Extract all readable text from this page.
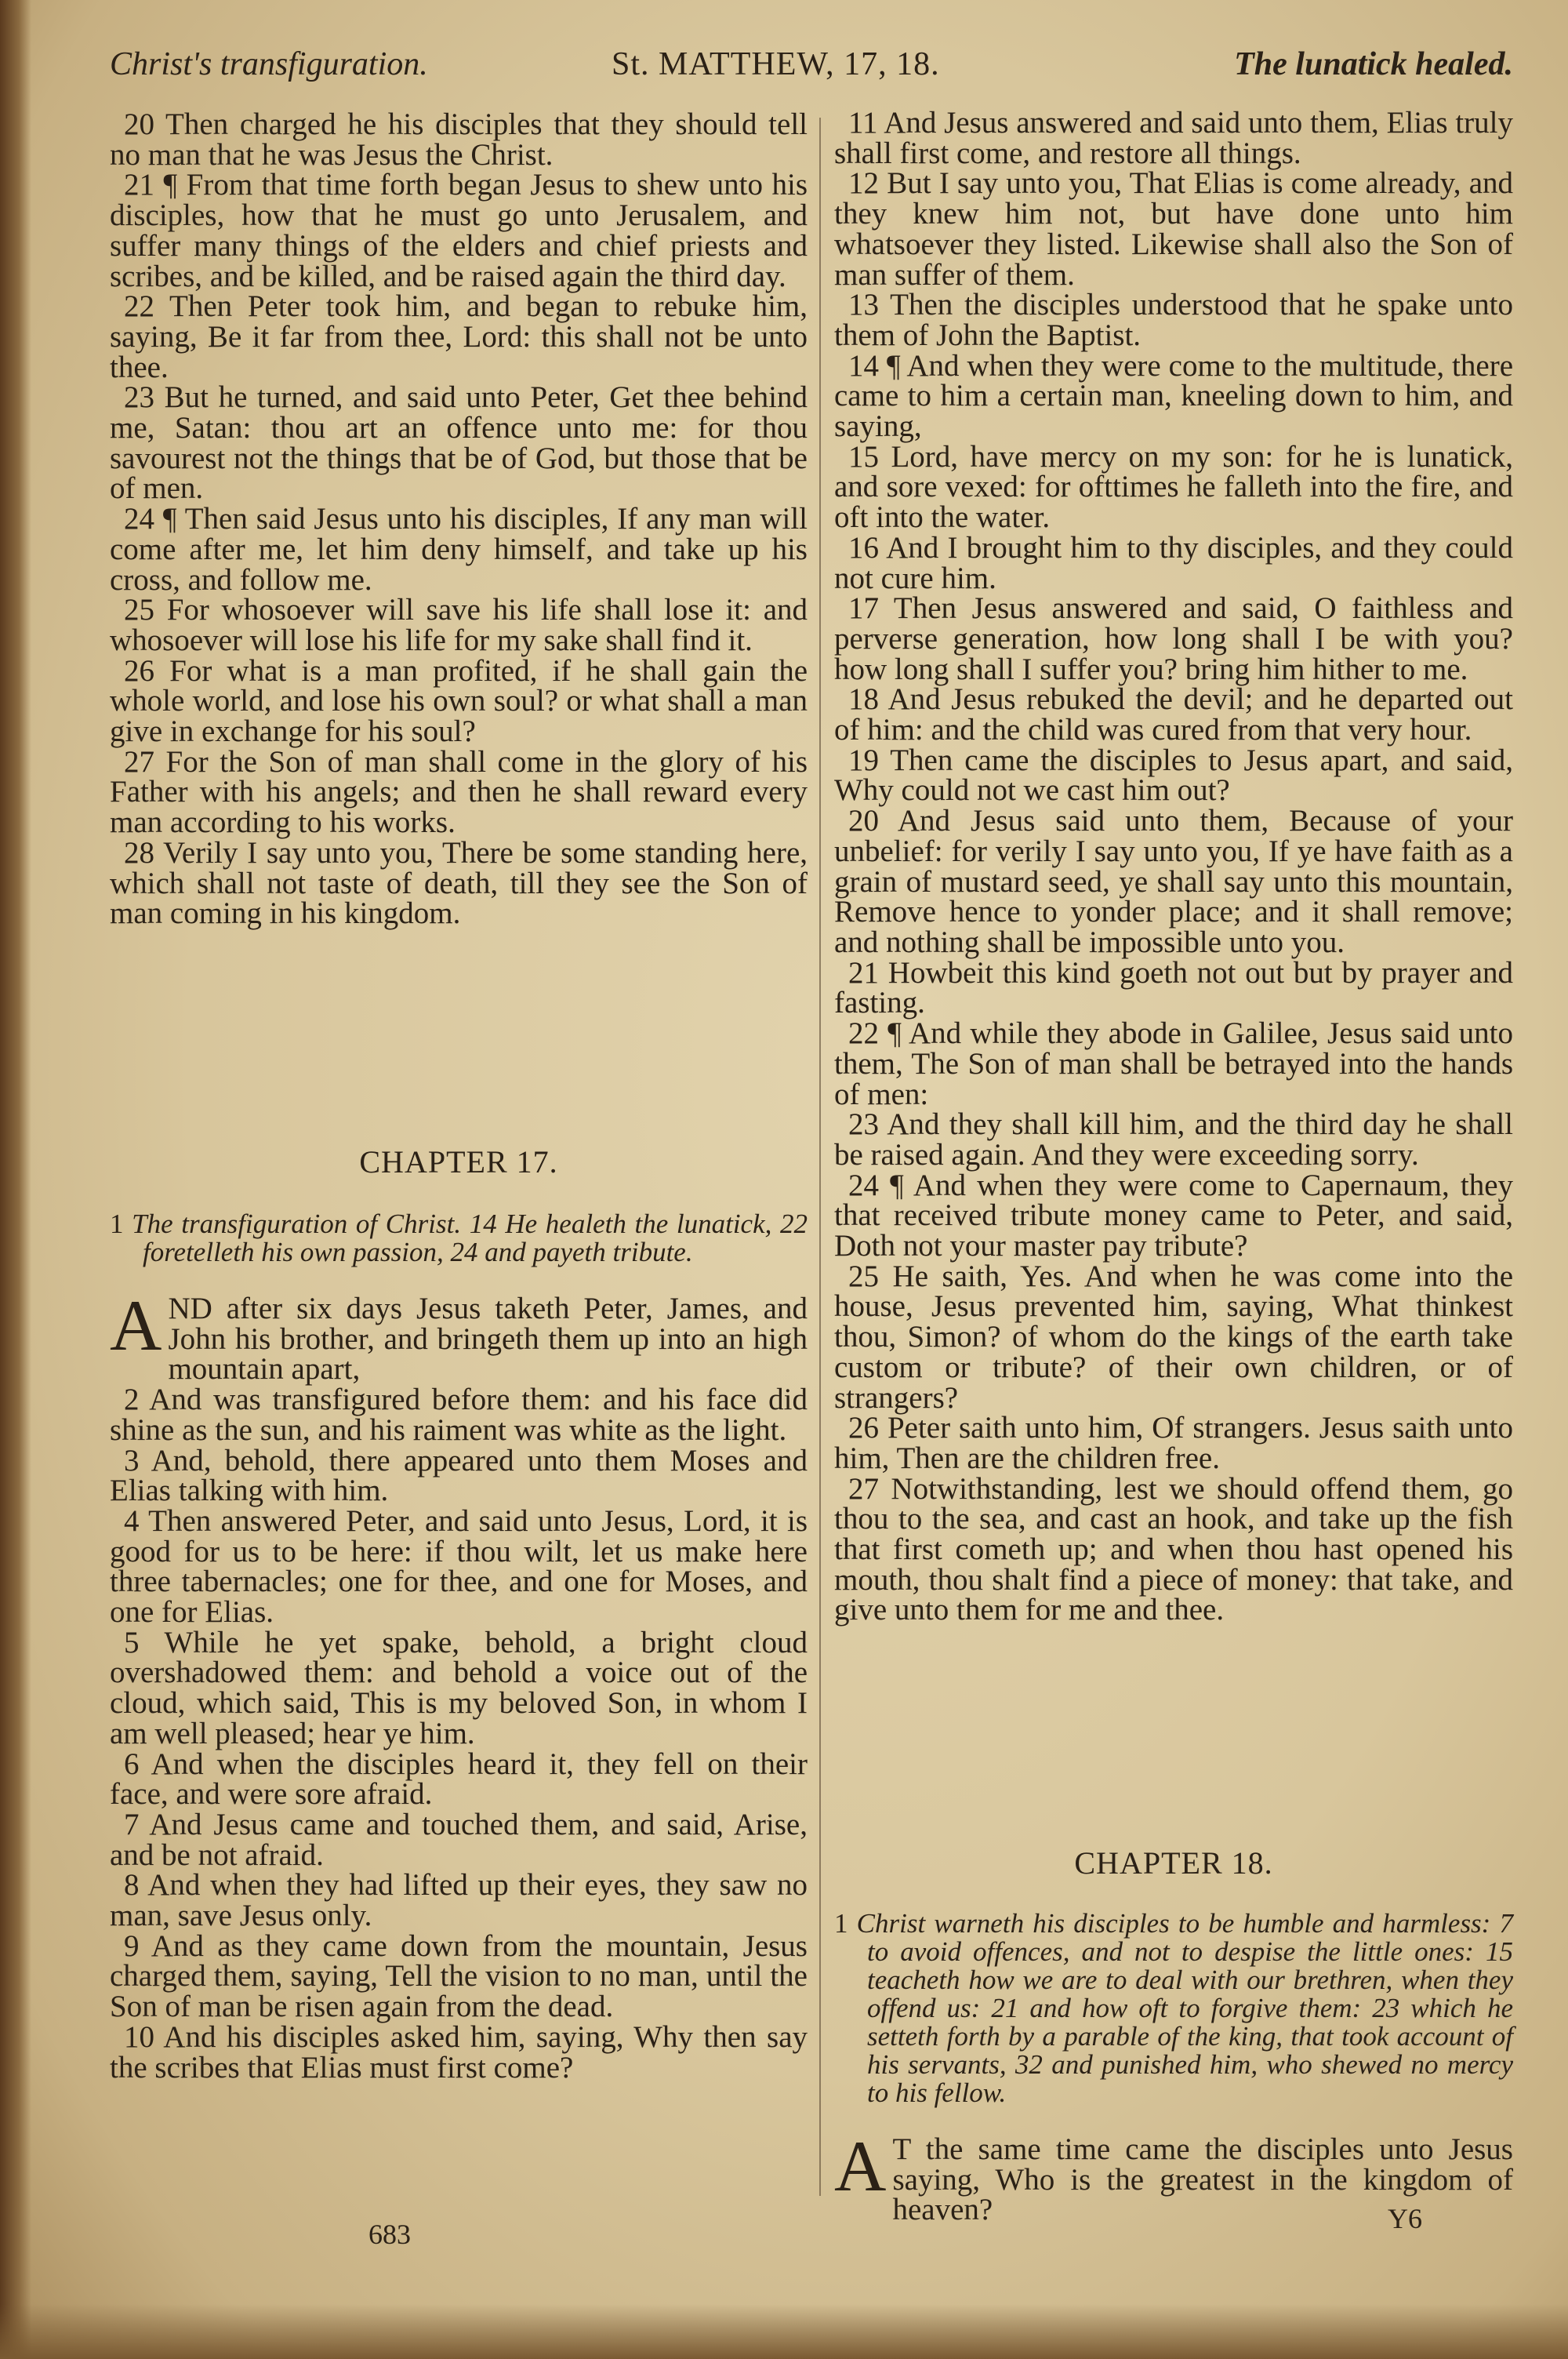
Christ's transfiguration.	St. MATTHEW, 17, 18.	The lunatick healed.

20 Then charged he his disciples that they should tell no man that he was Jesus the Christ.

21 ¶ From that time forth began Jesus to shew unto his disciples, how that he must go unto Jerusalem, and suffer many things of the elders and chief priests and scribes, and be killed, and be raised again the third day.

22 Then Peter took him, and began to rebuke him, saying, Be it far from thee, Lord: this shall not be unto thee.

23 But he turned, and said unto Peter, Get thee behind me, Satan: thou art an offence unto me: for thou savourest not the things that be of God, but those that be of men.

24 ¶ Then said Jesus unto his disciples, If any man will come after me, let him deny himself, and take up his cross, and follow me.

25 For whosoever will save his life shall lose it: and whosoever will lose his life for my sake shall find it.

26 For what is a man profited, if he shall gain the whole world, and lose his own soul? or what shall a man give in exchange for his soul?

27 For the Son of man shall come in the glory of his Father with his angels; and then he shall reward every man according to his works.

28 Verily I say unto you, There be some standing here, which shall not taste of death, till they see the Son of man coming in his kingdom.

CHAPTER 17.

1 The transfiguration of Christ. 14 He healeth the lunatick, 22 foretelleth his own passion, 24 and payeth tribute.

AND after six days Jesus taketh Peter, James, and John his brother, and bringeth them up into an high mountain apart,

2 And was transfigured before them: and his face did shine as the sun, and his raiment was white as the light.

3 And, behold, there appeared unto them Moses and Elias talking with him.

4 Then answered Peter, and said unto Jesus, Lord, it is good for us to be here: if thou wilt, let us make here three tabernacles; one for thee, and one for Moses, and one for Elias.

5 While he yet spake, behold, a bright cloud overshadowed them: and behold a voice out of the cloud, which said, This is my beloved Son, in whom I am well pleased; hear ye him.

6 And when the disciples heard it, they fell on their face, and were sore afraid.

7 And Jesus came and touched them, and said, Arise, and be not afraid.

8 And when they had lifted up their eyes, they saw no man, save Jesus only.

9 And as they came down from the mountain, Jesus charged them, saying, Tell the vision to no man, until the Son of man be risen again from the dead.

10 And his disciples asked him, saying, Why then say the scribes that Elias must first come?

11 And Jesus answered and said unto them, Elias truly shall first come, and restore all things.

12 But I say unto you, That Elias is come already, and they knew him not, but have done unto him whatsoever they listed. Likewise shall also the Son of man suffer of them.

13 Then the disciples understood that he spake unto them of John the Baptist.

14 ¶ And when they were come to the multitude, there came to him a certain man, kneeling down to him, and saying,

15 Lord, have mercy on my son: for he is lunatick, and sore vexed: for ofttimes he falleth into the fire, and oft into the water.

16 And I brought him to thy disciples, and they could not cure him.

17 Then Jesus answered and said, O faithless and perverse generation, how long shall I be with you? how long shall I suffer you? bring him hither to me.

18 And Jesus rebuked the devil; and he departed out of him: and the child was cured from that very hour.

19 Then came the disciples to Jesus apart, and said, Why could not we cast him out?

20 And Jesus said unto them, Because of your unbelief: for verily I say unto you, If ye have faith as a grain of mustard seed, ye shall say unto this mountain, Remove hence to yonder place; and it shall remove; and nothing shall be impossible unto you.

21 Howbeit this kind goeth not out but by prayer and fasting.

22 ¶ And while they abode in Galilee, Jesus said unto them, The Son of man shall be betrayed into the hands of men:

23 And they shall kill him, and the third day he shall be raised again. And they were exceeding sorry.

24 ¶ And when they were come to Capernaum, they that received tribute money came to Peter, and said, Doth not your master pay tribute?

25 He saith, Yes. And when he was come into the house, Jesus prevented him, saying, What thinkest thou, Simon? of whom do the kings of the earth take custom or tribute? of their own children, or of strangers?

26 Peter saith unto him, Of strangers. Jesus saith unto him, Then are the children free.

27 Notwithstanding, lest we should offend them, go thou to the sea, and cast an hook, and take up the fish that first cometh up; and when thou hast opened his mouth, thou shalt find a piece of money: that take, and give unto them for me and thee.

CHAPTER 18.

1 Christ warneth his disciples to be humble and harmless: 7 to avoid offences, and not to despise the little ones: 15 teacheth how we are to deal with our brethren, when they offend us: 21 and how oft to forgive them: 23 which he setteth forth by a parable of the king, that took account of his servants, 32 and punished him, who shewed no mercy to his fellow.

A T the same time came the disciples unto Jesus saying, Who is the greatest in the kingdom of heaven?

683	Y6
